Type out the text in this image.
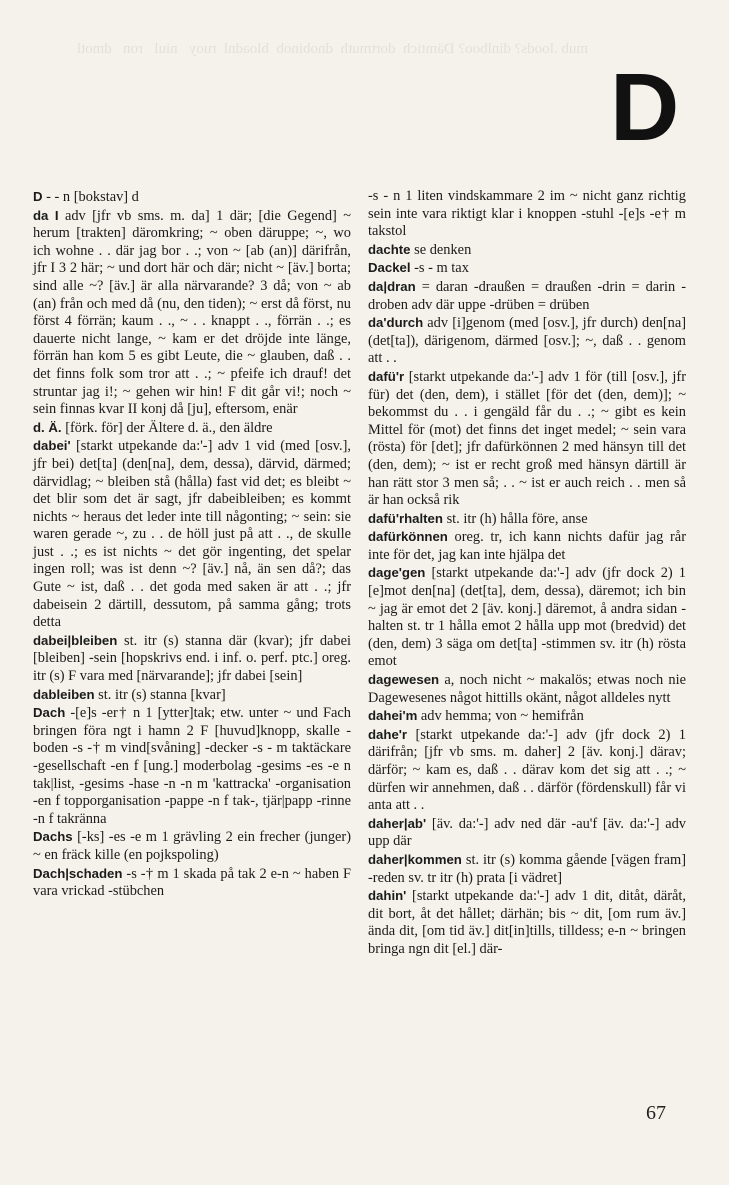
mub .loods? dinlboo? Dämtich  dortmuth  dnobinob  bloadnl  ruoy   niul   ron   dmotl
D

D - - n [bokstav] d

da I adv [jfr vb sms. m. da] 1 där; [die Gegend] ~ herum [trakten] däromkring; ~ oben däruppe; ~, wo ich wohne . . där jag bor . .; von ~ [ab (an)] därifrån, jfr I 3 2 här; ~ und dort här och där; nicht ~ [äv.] borta; sind alle ~? [äv.] är alla närvarande? 3 då; von ~ ab (an) från och med då (nu, den tiden); ~ erst då först, nu först 4 förrän; kaum . ., ~ . . knappt . ., förrän . .; es dauerte nicht lange, ~ kam er det dröjde inte länge, förrän han kom 5 es gibt Leute, die ~ glauben, daß . . det finns folk som tror att . .; ~ pfeife ich drauf! det struntar jag i!; ~ gehen wir hin! F dit går vi!; noch ~ sein finnas kvar II konj då [ju], eftersom, enär

d. Ä. [förk. för] der Ältere d. ä., den äldre

dabei' [starkt utpekande da:'-] adv 1 vid (med [osv.], jfr bei) det[ta] (den[na], dem, dessa), därvid, därmed; därvidlag; ~ bleiben stå (hålla) fast vid det; es bleibt ~ det blir som det är sagt, jfr dabeibleiben; es kommt nichts ~ heraus det leder inte till någonting; ~ sein: sie waren gerade ~, zu . . de höll just på att . ., de skulle just . .; es ist nichts ~ det gör ingenting, det spelar ingen roll; was ist denn ~? [äv.] nå, än sen då?; das Gute ~ ist, daß . . det goda med saken är att . .; jfr dabeisein 2 därtill, dessutom, på samma gång; trots detta

dabei|bleiben st. itr (s) stanna där (kvar); jfr dabei [bleiben] -sein [hopskrivs end. i inf. o. perf. ptc.] oreg. itr (s) F vara med [närvarande]; jfr dabei [sein]

dableiben st. itr (s) stanna [kvar]

Dach -[e]s -er† n 1 [ytter]tak; etw. unter ~ und Fach bringen föra ngt i hamn 2 F [huvud]knopp, skalle -boden -s -† m vind[svåning] -decker -s - m taktäckare -gesellschaft -en f [ung.] moderbolag -gesims -es -e n tak|list, -gesims -hase -n -n m 'kattracka' -organisation -en f topporganisation -pappe -n f tak-, tjär|papp -rinne -n f takränna

Dachs [-ks] -es -e m 1 grävling 2 ein frecher (junger) ~ en fräck kille (en pojkspoling)

Dach|schaden -s -† m 1 skada på tak 2 e-n ~ haben F vara vrickad -stübchen

-s - n 1 liten vindskammare 2 im ~ nicht ganz richtig sein inte vara riktigt klar i knoppen -stuhl -[e]s -e† m takstol

dachte se denken

Dackel -s - m tax

da|dran = daran -draußen = draußen -drin = darin -droben adv där uppe -drüben = drüben

da'durch adv [i]genom (med [osv.], jfr durch) den[na] (det[ta]), därigenom, därmed [osv.]; ~, daß . . genom att . .

dafü'r [starkt utpekande da:'-] adv 1 för (till [osv.], jfr für) det (den, dem), i stället [för det (den, dem)]; ~ bekommst du . . i gengäld får du . .; ~ gibt es kein Mittel för (mot) det finns det inget medel; ~ sein vara (rösta) för [det]; jfr dafürkönnen 2 med hänsyn till det (den, dem); ~ ist er recht groß med hänsyn därtill är han rätt stor 3 men så; . . ~ ist er auch reich . . men så är han också rik

dafü'rhalten st. itr (h) hålla före, anse

dafürkönnen oreg. tr, ich kann nichts dafür jag rår inte för det, jag kan inte hjälpa det

dage'gen [starkt utpekande da:'-] adv (jfr dock 2) 1 [e]mot den[na] (det[ta], dem, dessa), däremot; ich bin ~ jag är emot det 2 [äv. konj.] däremot, å andra sidan -halten st. tr 1 hålla emot 2 hålla upp mot (bredvid) det (den, dem) 3 säga om det[ta] -stimmen sv. itr (h) rösta emot

dagewesen a, noch nicht ~ makalös; etwas noch nie Dagewesenes något hittills okänt, något alldeles nytt

dahei'm adv hemma; von ~ hemifrån

dahe'r [starkt utpekande da:'-] adv (jfr dock 2) 1 därifrån; [jfr vb sms. m. daher] 2 [äv. konj.] därav; därför; ~ kam es, daß . . därav kom det sig att . .; ~ dürfen wir annehmen, daß . . därför (fördenskull) får vi anta att . .

daher|ab' [äv. da:'-] adv ned där -au'f [äv. da:'-] adv upp där

daher|kommen st. itr (s) komma gående [vägen fram] -reden sv. tr itr (h) prata [i vädret]

dahin' [starkt utpekande da:'-] adv 1 dit, ditåt, däråt, dit bort, åt det hållet; därhän; bis ~ dit, [om rum äv.] ända dit, [om tid äv.] dit[in]tills, tilldess; e-n ~ bringen bringa ngn dit [el.] där-

67
